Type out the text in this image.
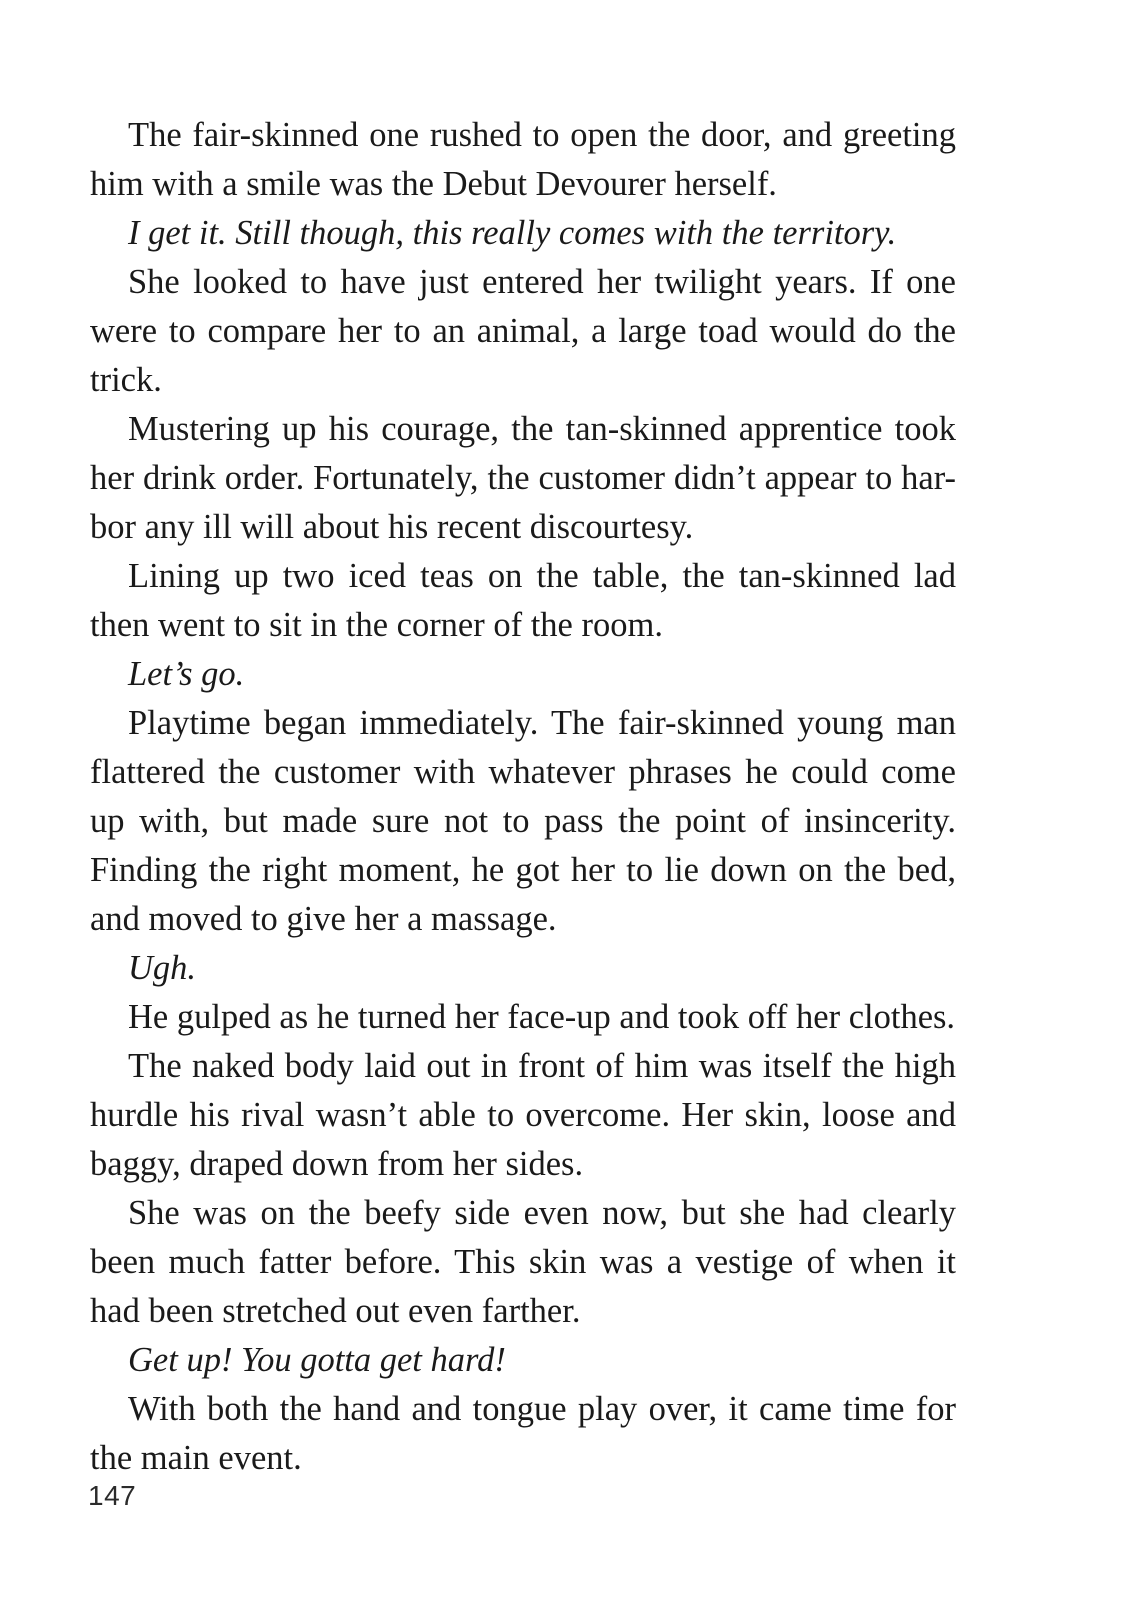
The fair-skinned one rushed to open the door, and greeting him with a smile was the Debut Devourer herself.

I get it. Still though, this really comes with the territory.

She looked to have just entered her twilight years. If one were to compare her to an animal, a large toad would do the trick.

Mustering up his courage, the tan-skinned apprentice took her drink order. Fortunately, the customer didn’t appear to har-bor any ill will about his recent discourtesy.

Lining up two iced teas on the table, the tan-skinned lad then went to sit in the corner of the room.

Let’s go.

Playtime began immediately. The fair-skinned young man flattered the customer with whatever phrases he could come up with, but made sure not to pass the point of insincerity. Finding the right moment, he got her to lie down on the bed, and moved to give her a massage.

Ugh.

He gulped as he turned her face-up and took off her clothes.

The naked body laid out in front of him was itself the high hurdle his rival wasn’t able to overcome. Her skin, loose and baggy, draped down from her sides.

She was on the beefy side even now, but she had clearly been much fatter before. This skin was a vestige of when it had been stretched out even farther.

Get up! You gotta get hard!

With both the hand and tongue play over, it came time for the main event.

147
